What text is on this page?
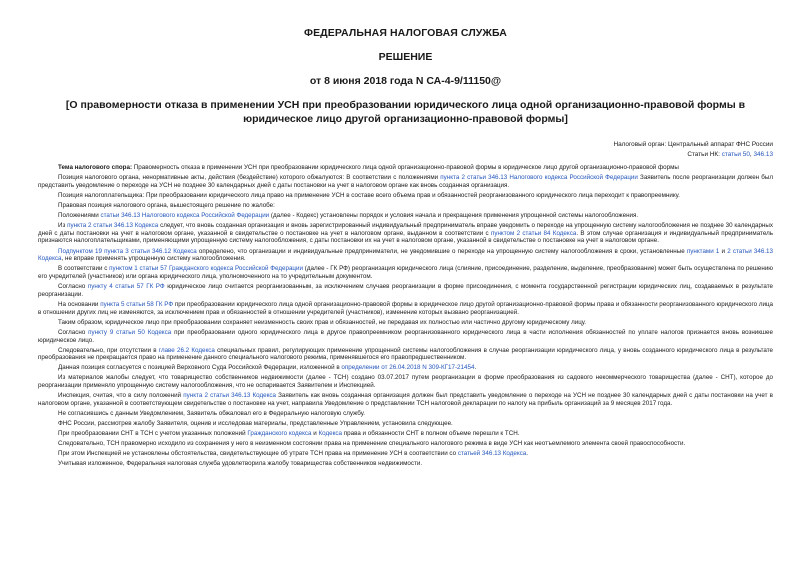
ФЕДЕРАЛЬНАЯ НАЛОГОВАЯ СЛУЖБА
РЕШЕНИЕ
от 8 июня 2018 года N СА-4-9/11150@
[О правомерности отказа в применении УСН при преобразовании юридического лица одной организационно-правовой формы в юридическое лицо другой организационно-правовой формы]
Налоговый орган: Центральный аппарат ФНС России
Статьи НК: статьи 50, 346.13

Тема налогового спора: Правомерность отказа в применении УСН при преобразовании юридического лица одной организационно-правовой формы в юридическое лицо другой организационно-правовой формы

Позиция налогового органа, ненормативные акты, действия (бездействие) которого обжалуются: В соответствии с положениями пункта 2 статьи 346.13 Налогового кодекса Российской Федерации Заявитель после реорганизации должен был представить уведомление о переходе на УСН не позднее 30 календарных дней с даты постановки на учет в налоговом органе как вновь созданная организация.

Позиция налогоплательщика: При преобразовании юридического лица право на применение УСН в составе всего объема прав и обязанностей реорганизованного юридического лица переходит к правопреемнику.

Правовая позиция налогового органа, вышестоящего решение по жалобе:

Положениями статьи 346.13 Налогового кодекса Российской Федерации (далее - Кодекс) установлены порядок и условия начала и прекращения применения упрощенной системы налогообложения.

Из пункта 2 статьи 346.13 Кодекса следует, что вновь созданная организация и вновь зарегистрированный индивидуальный предприниматель вправе уведомить о переходе на упрощенную систему налогообложения не позднее 30 календарных дней с даты постановки на учет в налоговом органе, указанной в свидетельстве о постановке на учет в налоговом органе, выданном в соответствии с пунктом 2 статьи 84 Кодекса. В этом случае организация и индивидуальный предприниматель признаются налогоплательщиками, применяющими упрощенную систему налогообложения, с даты постановки их на учет в налоговом органе, указанной в свидетельстве о постановке на учет в налоговом органе.

Подпунктом 19 пункта 3 статьи 346.12 Кодекса определено, что организации и индивидуальные предприниматели, не уведомившие о переходе на упрощенную систему налогообложения в сроки, установленные пунктами 1 и 2 статьи 346.13 Кодекса, не вправе применять упрощенную систему налогообложения.

В соответствии с пунктом 1 статьи 57 Гражданского кодекса Российской Федерации (далее - ГК РФ) реорганизация юридического лица (слияние, присоединение, разделение, выделение, преобразование) может быть осуществлена по решению его учредителей (участников) или органа юридического лица, уполномоченного на то учредительным документом.

Согласно пункту 4 статьи 57 ГК РФ юридическое лицо считается реорганизованным, за исключением случаев реорганизации в форме присоединения, с момента государственной регистрации юридических лиц, создаваемых в результате реорганизации.

На основании пункта 5 статьи 58 ГК РФ при преобразовании юридического лица одной организационно-правовой формы в юридическое лицо другой организационно-правовой формы права и обязанности реорганизованного юридического лица в отношении других лиц не изменяются, за исключением прав и обязанностей в отношении учредителей (участников), изменение которых вызвано реорганизацией.

Таким образом, юридическое лицо при преобразовании сохраняет неизменность своих прав и обязанностей, не передавая их полностью или частично другому юридическому лицу.

Согласно пункту 9 статьи 50 Кодекса при преобразовании одного юридического лица в другое правопреемником реорганизованного юридического лица в части исполнения обязанностей по уплате налогов признается вновь возникшее юридическое лицо.

Следовательно, при отсутствии в главе 26.2 Кодекса специальных правил, регулирующих применение упрощенной системы налогообложения в случае реорганизации юридического лица, у вновь созданного юридического лица в результате преобразования не прекращается право на применение данного специального налогового режима, применявшегося его правопредшественником.

Данная позиция согласуется с позицией Верховного Суда Российской Федерации, изложенной в определении от 26.04.2018 N 309-КГ17-21454.

Из материалов жалобы следует, что товарищество собственников недвижимости (далее - ТСН) создано 03.07.2017 путем реорганизации в форме преобразования из садового некоммерческого товарищества (далее - СНТ), которое до реорганизации применяло упрощенную систему налогообложения, что не оспаривается Заявителем и Инспекцией.

Инспекция, считая, что в силу положений пункта 2 статьи 346.13 Кодекса Заявитель как вновь созданная организация должен был представить уведомление о переходе на УСН не позднее 30 календарных дней с даты постановки на учет в налоговом органе, указанной в соответствующем свидетельстве о постановке на учет, направила Уведомление о представлении ТСН налоговой декларации по налогу на прибыль организаций за 9 месяцев 2017 года.

Не согласившись с данным Уведомлением, Заявитель обжаловал его в Федеральную налоговую службу.

ФНС России, рассмотрев жалобу Заявителя, оценив и исследовав материалы, представленные Управлением, установила следующее.

При преобразовании СНТ в ТСН с учетом указанных положений Гражданского кодекса и Кодекса права и обязанности СНТ в полном объеме перешли к ТСН.

Следовательно, ТСН правомерно исходило из сохранения у него в неизменном состоянии права на применение специального налогового режима в виде УСН как неотъемлемого элемента своей правоспособности.

При этом Инспекцией не установлены обстоятельства, свидетельствующие об утрате ТСН права на применение УСН в соответствии со статьей 346.13 Кодекса.

Учитывая изложенное, Федеральная налоговая служба удовлетворила жалобу товарищества собственников недвижимости.
